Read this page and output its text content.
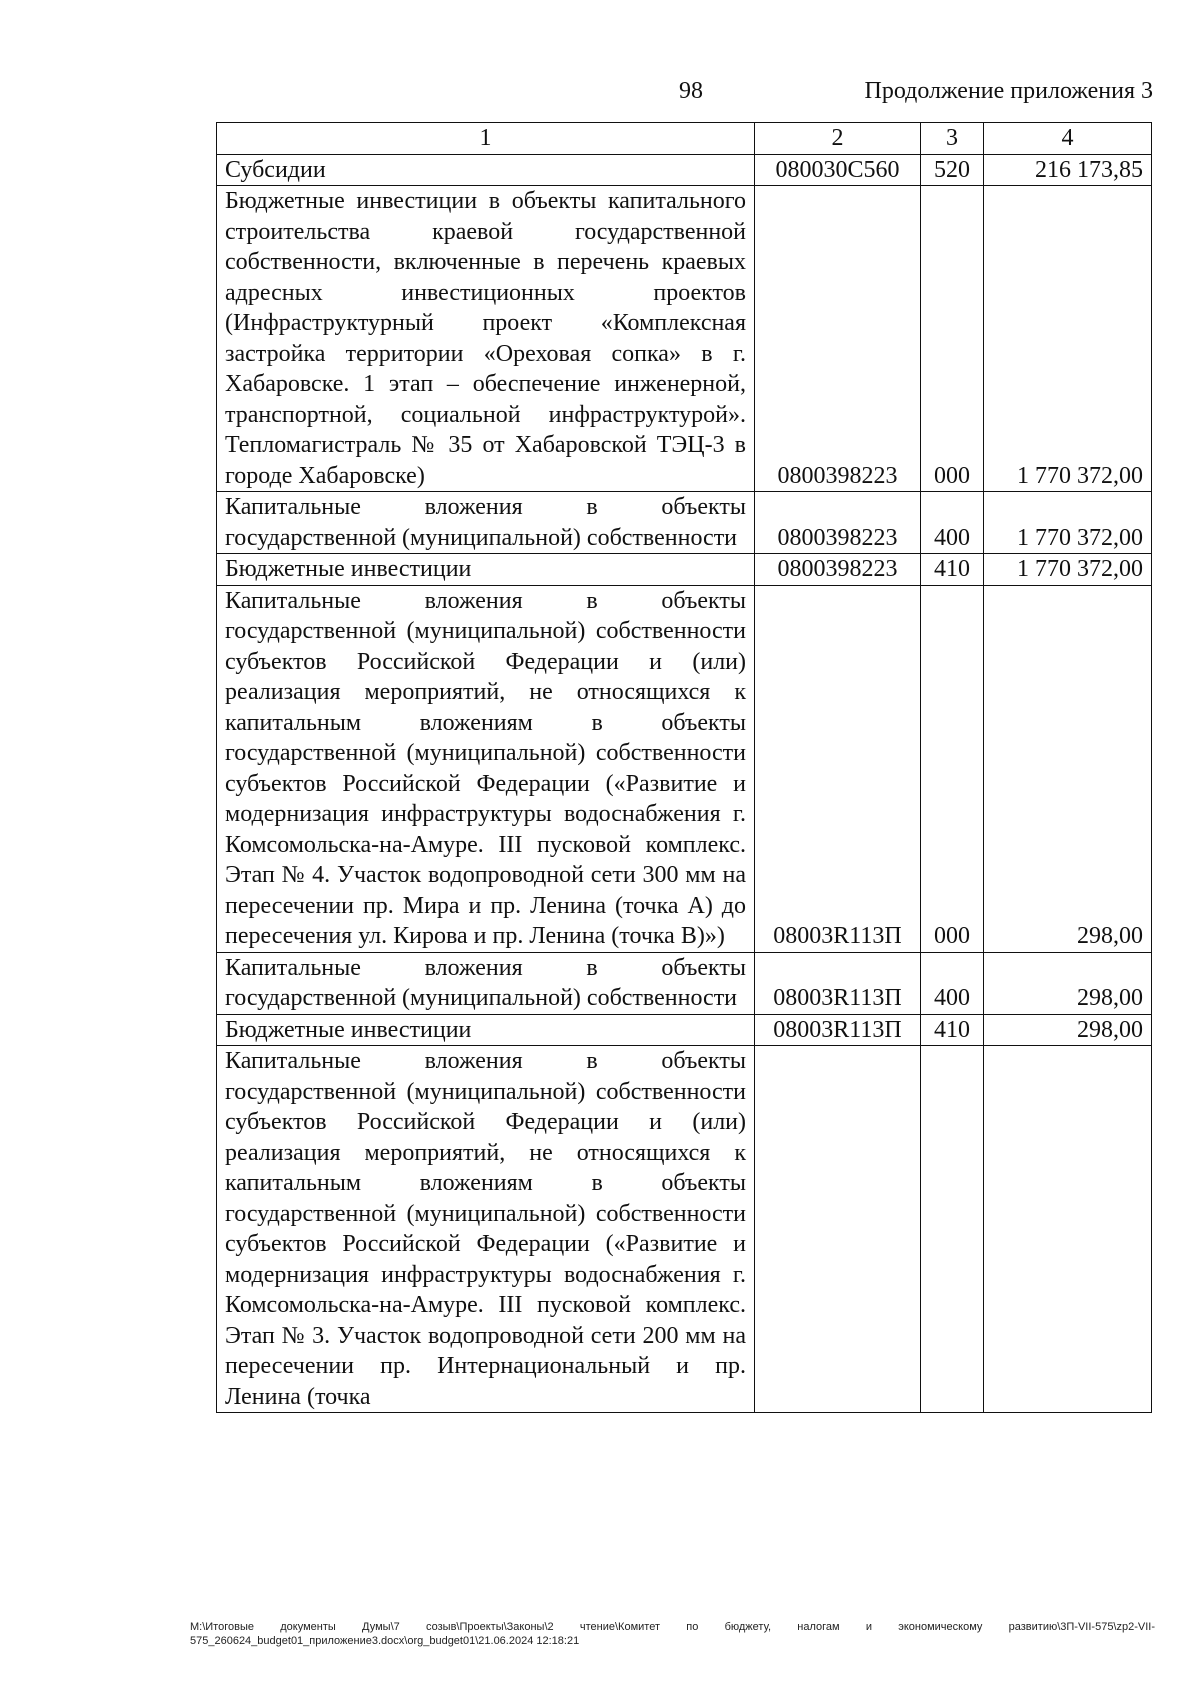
98	Продолжение приложения 3
1	2	3	4
Субсидии	080030С560	520	216 173,85
Бюджетные инвестиции в объекты капитального строительства краевой государственной собственности, включенные в перечень краевых адресных инвестиционных проектов (Инфраструктурный проект «Комплексная застройка территории «Ореховая сопка» в г. Хабаровске. 1 этап – обеспечение инженерной, транспортной, социальной инфраструктурой». Тепломагистраль № 35 от Хабаровской ТЭЦ-3 в городе Хабаровске)	0800398223	000	1 770 372,00
Капитальные вложения в объекты государственной (муниципальной) собственности	0800398223	400	1 770 372,00
Бюджетные инвестиции	0800398223	410	1 770 372,00
Капитальные вложения в объекты государственной (муниципальной) собственности субъектов Российской Федерации и (или) реализация мероприятий, не относящихся к капитальным вложениям в объекты государственной (муниципальной) собственности субъектов Российской Федерации («Развитие и модернизация инфраструктуры водоснабжения г. Комсомольска-на-Амуре. III пусковой комплекс. Этап № 4. Участок водопроводной сети 300 мм на пересечении пр. Мира и пр. Ленина (точка А) до пересечения ул. Кирова и пр. Ленина (точка В)»)	08003R113П	000	298,00
Капитальные вложения в объекты государственной (муниципальной) собственности	08003R113П	400	298,00
Бюджетные инвестиции	08003R113П	410	298,00
Капитальные вложения в объекты государственной (муниципальной) собственности субъектов Российской Федерации и (или) реализация мероприятий, не относящихся к капитальным вложениям в объекты государственной (муниципальной) собственности субъектов Российской Федерации («Развитие и модернизация инфраструктуры водоснабжения г. Комсомольска-на-Амуре. III пусковой комплекс. Этап № 3. Участок водопроводной сети 200 мм на пересечении пр. Интернациональный и пр. Ленина (точка			
M:\Итоговые документы Думы\7 созыв\Проекты\Законы\2 чтение\Комитет по бюджету, налогам и экономическому развитию\3П-VII-575\zp2-VII-575_260624_budget01_приложение3.docx\org_budget01\21.06.2024 12:18:21
